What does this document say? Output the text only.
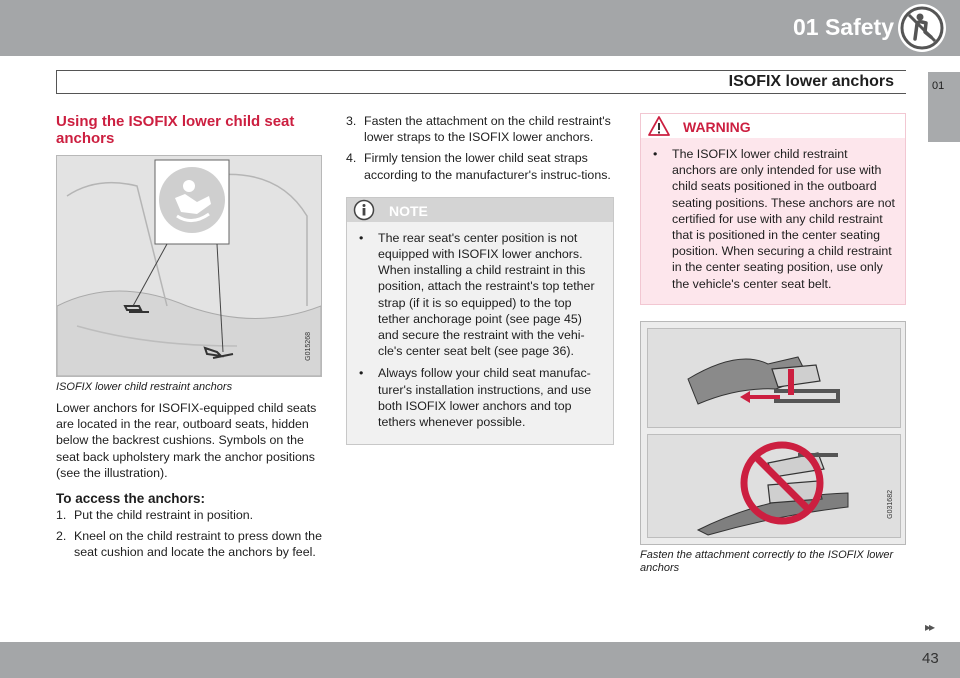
01 Safety
01
ISOFIX lower anchors
Using the ISOFIX lower child seat anchors
G015268
ISOFIX lower child restraint anchors

Lower anchors for ISOFIX-equipped child seats are located in the rear, outboard seats, hidden below the backrest cushions. Symbols on the seat back upholstery mark the anchor positions (see the illustration).

To access the anchors:
1. Put the child restraint in position.
2. Kneel on the child restraint to press down the seat cushion and locate the anchors by feel.
3. Fasten the attachment on the child restraint's lower straps to the ISOFIX lower anchors.
4. Firmly tension the lower child seat straps according to the manufacturer's instruc-tions.
NOTE
• The rear seat's center position is not equipped with ISOFIX lower anchors. When installing a child restraint in this position, attach the restraint's top tether strap (if it is so equipped) to the top tether anchorage point (see page 45) and secure the restraint with the vehi-cle's center seat belt (see page 36).
• Always follow your child seat manufac-turer's installation instructions, and use both ISOFIX lower anchors and top tethers whenever possible.
WARNING
• The ISOFIX lower child restraint anchors are only intended for use with child seats positioned in the outboard seating positions. These anchors are not certified for use with any child restraint that is positioned in the center seating position. When securing a child restraint in the center seating position, use only the vehicle's center seat belt.
G031682
Fasten the attachment correctly to the ISOFIX lower anchors
▸▸
43
